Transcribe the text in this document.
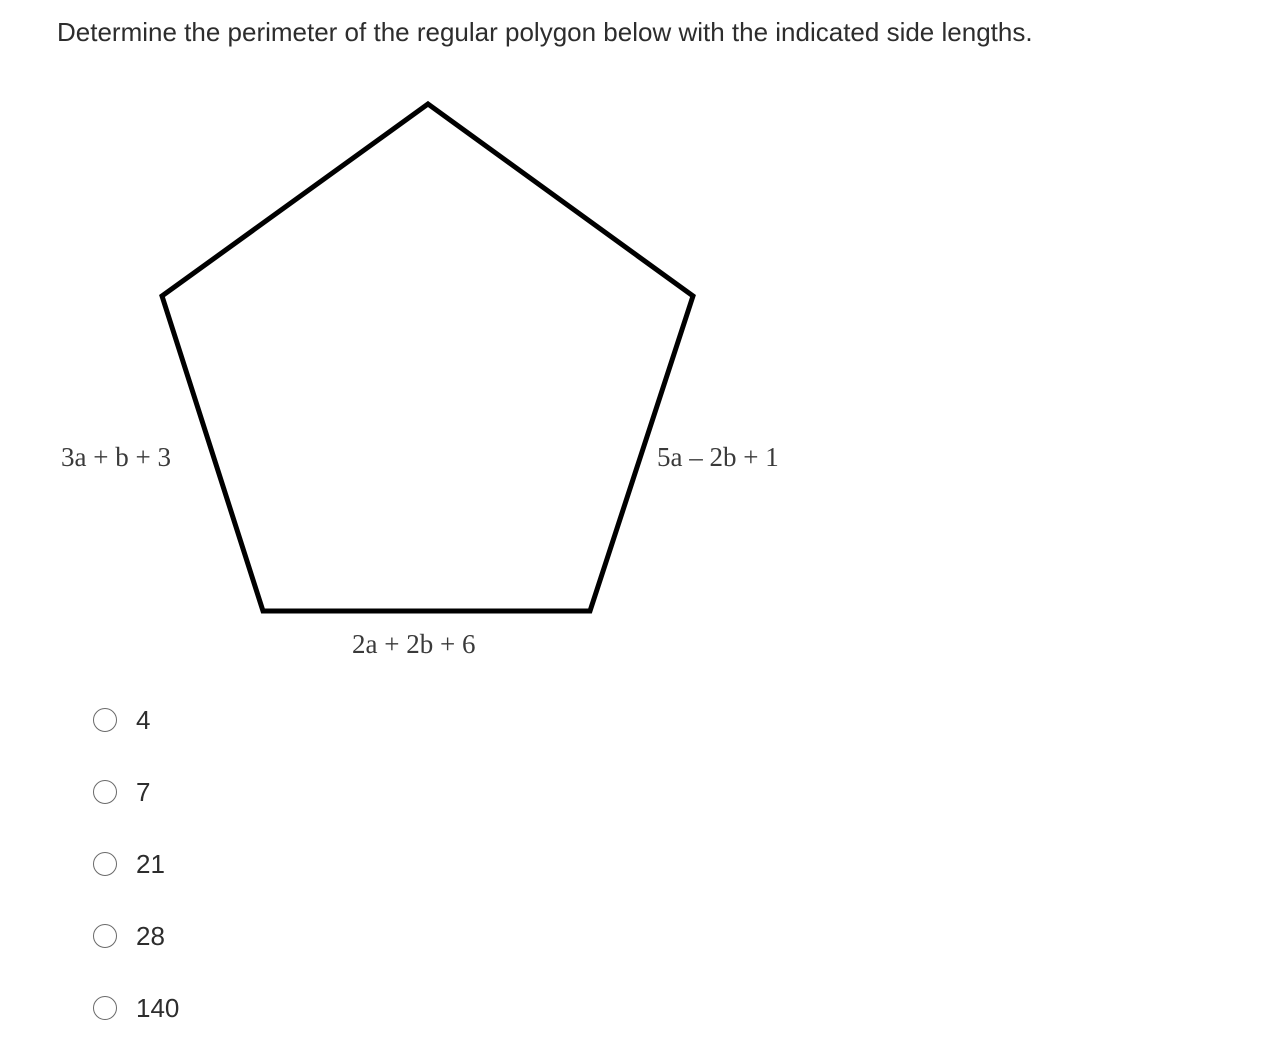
Determine the perimeter of the regular polygon below with the indicated side lengths.
3a + b + 3	5a – 2b + 1
2a + 2b + 6
4
7
21
28
140
